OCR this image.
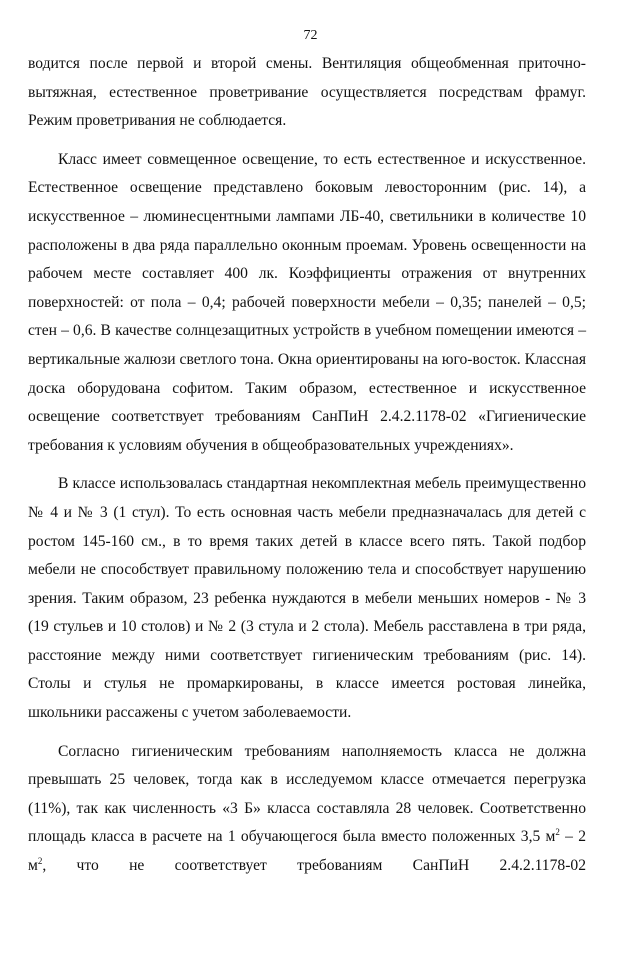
72

водится после первой и второй смены. Вентиляция общеобменная приточно-вытяжная, естественное проветривание осуществляется посредствам фрамуг. Режим проветривания не соблюдается.

Класс имеет совмещенное освещение, то есть естественное и искусственное. Естественное освещение представлено боковым левосторонним (рис. 14), а искусственное – люминесцентными лампами ЛБ-40, светильники в количестве 10 расположены в два ряда параллельно оконным проемам. Уровень освещенности на рабочем месте составляет 400 лк. Коэффициенты отражения от внутренних поверхностей: от пола – 0,4; рабочей поверхности мебели – 0,35; панелей – 0,5; стен – 0,6. В качестве солнцезащитных устройств в учебном помещении имеются – вертикальные жалюзи светлого тона. Окна ориентированы на юго-восток. Классная доска оборудована софитом. Таким образом, естественное и искусственное освещение соответствует требованиям СанПиН 2.4.2.1178-02 «Гигиенические требования к условиям обучения в общеобразовательных учреждениях».

В классе использовалась стандартная некомплектная мебель преимущественно № 4 и № 3 (1 стул). То есть основная часть мебели предназначалась для детей с ростом 145-160 см., в то время таких детей в классе всего пять. Такой подбор мебели не способствует правильному положению тела и способствует нарушению зрения. Таким образом, 23 ребенка нуждаются в мебели меньших номеров - № 3 (19 стульев и 10 столов) и № 2 (3 стула и 2 стола). Мебель расставлена в три ряда, расстояние между ними соответствует гигиеническим требованиям (рис. 14). Столы и стулья не промаркированы, в классе имеется ростовая линейка, школьники рассажены с учетом заболеваемости.

Согласно гигиеническим требованиям наполняемость класса не должна превышать 25 человек, тогда как в исследуемом классе отмечается перегрузка (11%), так как численность «3 Б» класса составляла 28 человек. Соответственно площадь класса в расчете на 1 обучающегося была вместо положенных 3,5 $м^2 - 2$ $м^2$, что не соответствует требованиям СанПиН 2.4.2.1178-02
